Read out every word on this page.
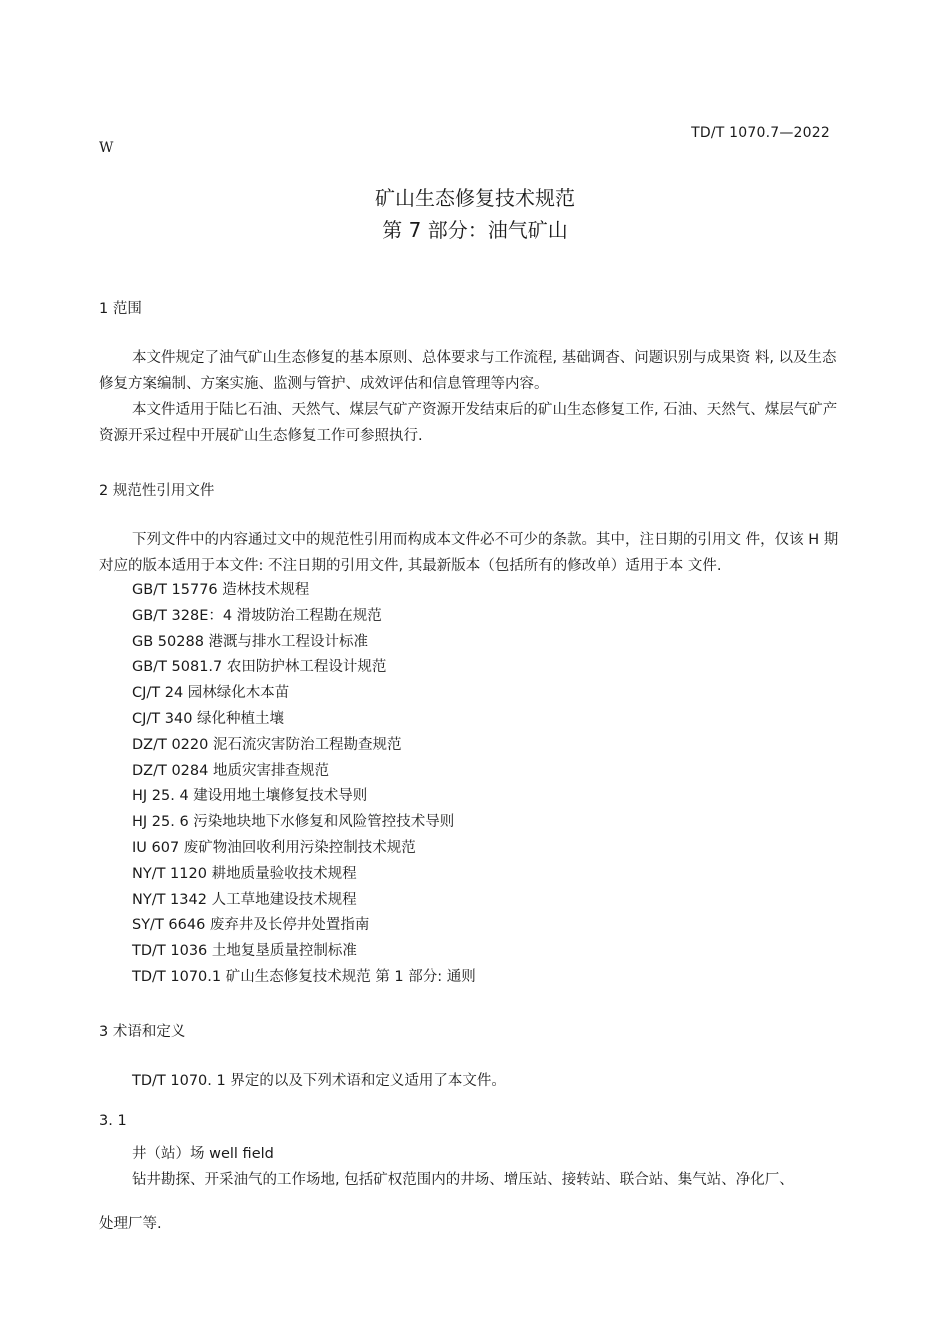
TD/T 1070.7—2022
W
矿山生态修复技术规范
第 7 部分：油气矿山
1 范围
本文件规定了油气矿山生态修复的基本原则、总体要求与工作流程, 基础调杳、问题识别与成果资 料, 以及生态修复方案编制、方案实施、监测与管护、成效评估和信息管理等内容。
本文件适用于陆匕石油、天然气、煤层气矿产资源开发结束后的矿山生态修复工作, 石油、天然气、煤层气矿产资源开采过程中开展矿山生态修复工作可参照执行.
2 规范性引用文件
下列文件中的内容通过文中的规范性引用而构成本文件必不可少的条款。其中，注日期的引用文 件，仅该 H 期对应的版本适用于本文件: 不注日期的引用文件, 其最新版本（包括所有的修改单）适用于本 文件.
GB/T 15776 造林技术规程
GB/T 328E：4 滑坡防治工程勘在规范
GB 50288 港溉与排水工程设计标准
GB/T 5081.7 农田防护林工程设计规范
CJ/T 24 园林绿化木本苗
CJ/T 340 绿化种植土壤
DZ/T 0220 泥石流灾害防治工程勘查规范
DZ/T 0284 地质灾害排查规范
HJ 25. 4 建设用地土壤修复技术导则
HJ 25. 6 污染地块地下水修复和风险管控技术导则
IU 607 废矿物油回收利用污染控制技术规范
NY/T 1120 耕地质量验收技术规程
NY/T 1342 人工草地建设技术规程
SY/T 6646 废弃井及长停井处置指南
TD/T 1036 土地复垦质量控制标准
TD/T 1070.1 矿山生态修复技术规范 第 1 部分: 通则
3 术语和定义
TD/T 1070. 1 界定的以及下列术语和定义适用了本文件。
3. 1
井（站）场 well field
钻井勘探、开采油气的工作场地, 包括矿权范围内的井场、增压站、接转站、联合站、集气站、净化厂、
处理厂等.
